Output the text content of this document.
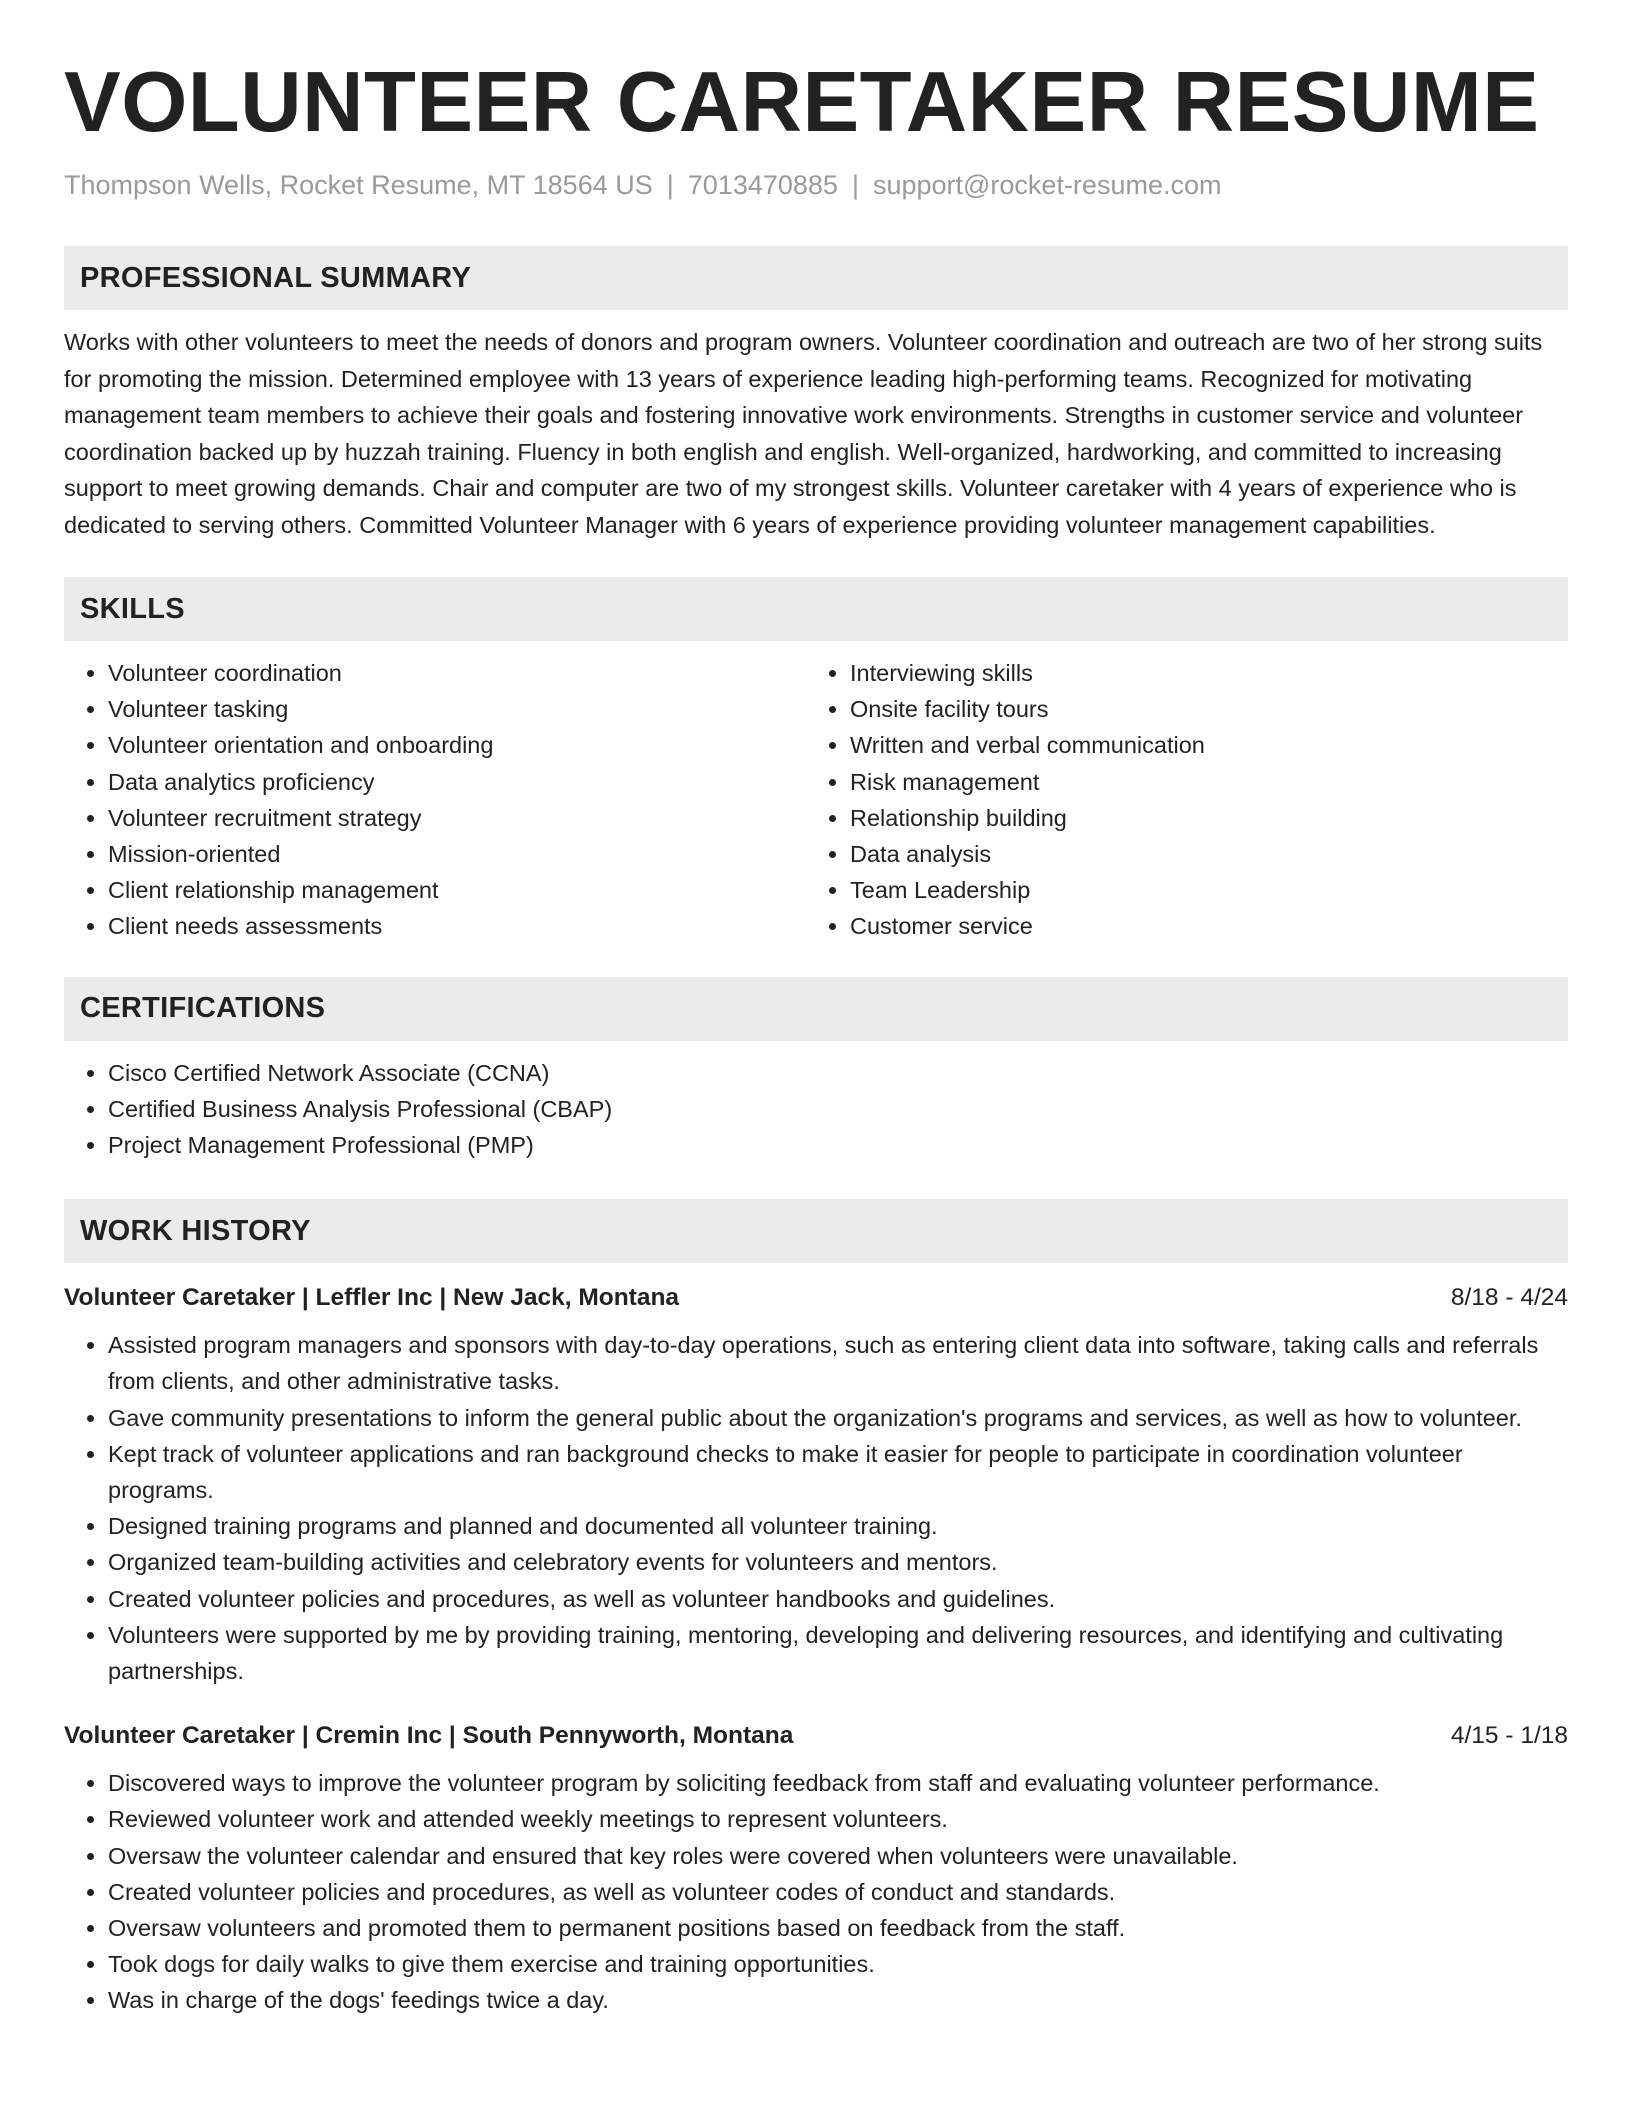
VOLUNTEER CARETAKER RESUME
Thompson Wells, Rocket Resume, MT 18564 US | 7013470885 | support@rocket-resume.com
PROFESSIONAL SUMMARY

Works with other volunteers to meet the needs of donors and program owners. Volunteer coordination and outreach are two of her strong suits for promoting the mission. Determined employee with 13 years of experience leading high-performing teams. Recognized for motivating management team members to achieve their goals and fostering innovative work environments. Strengths in customer service and volunteer coordination backed up by huzzah training. Fluency in both english and english. Well-organized, hardworking, and committed to increasing support to meet growing demands. Chair and computer are two of my strongest skills. Volunteer caretaker with 4 years of experience who is dedicated to serving others. Committed Volunteer Manager with 6 years of experience providing volunteer management capabilities.

SKILLS
• Volunteer coordination
• Volunteer tasking
• Volunteer orientation and onboarding
• Data analytics proficiency
• Volunteer recruitment strategy
• Mission-oriented
• Client relationship management
• Client needs assessments
• Interviewing skills
• Onsite facility tours
• Written and verbal communication
• Risk management
• Relationship building
• Data analysis
• Team Leadership
• Customer service
CERTIFICATIONS
• Cisco Certified Network Associate (CCNA)
• Certified Business Analysis Professional (CBAP)
• Project Management Professional (PMP)
WORK HISTORY
Volunteer Caretaker | Leffler Inc | New Jack, Montana	8/18 - 4/24
• Assisted program managers and sponsors with day-to-day operations, such as entering client data into software, taking calls and referrals from clients, and other administrative tasks.
• Gave community presentations to inform the general public about the organization's programs and services, as well as how to volunteer.
• Kept track of volunteer applications and ran background checks to make it easier for people to participate in coordination volunteer programs.
• Designed training programs and planned and documented all volunteer training.
• Organized team-building activities and celebratory events for volunteers and mentors.
• Created volunteer policies and procedures, as well as volunteer handbooks and guidelines.
• Volunteers were supported by me by providing training, mentoring, developing and delivering resources, and identifying and cultivating partnerships.
Volunteer Caretaker | Cremin Inc | South Pennyworth, Montana	4/15 - 1/18
• Discovered ways to improve the volunteer program by soliciting feedback from staff and evaluating volunteer performance.
• Reviewed volunteer work and attended weekly meetings to represent volunteers.
• Oversaw the volunteer calendar and ensured that key roles were covered when volunteers were unavailable.
• Created volunteer policies and procedures, as well as volunteer codes of conduct and standards.
• Oversaw volunteers and promoted them to permanent positions based on feedback from the staff.
• Took dogs for daily walks to give them exercise and training opportunities.
• Was in charge of the dogs' feedings twice a day.
